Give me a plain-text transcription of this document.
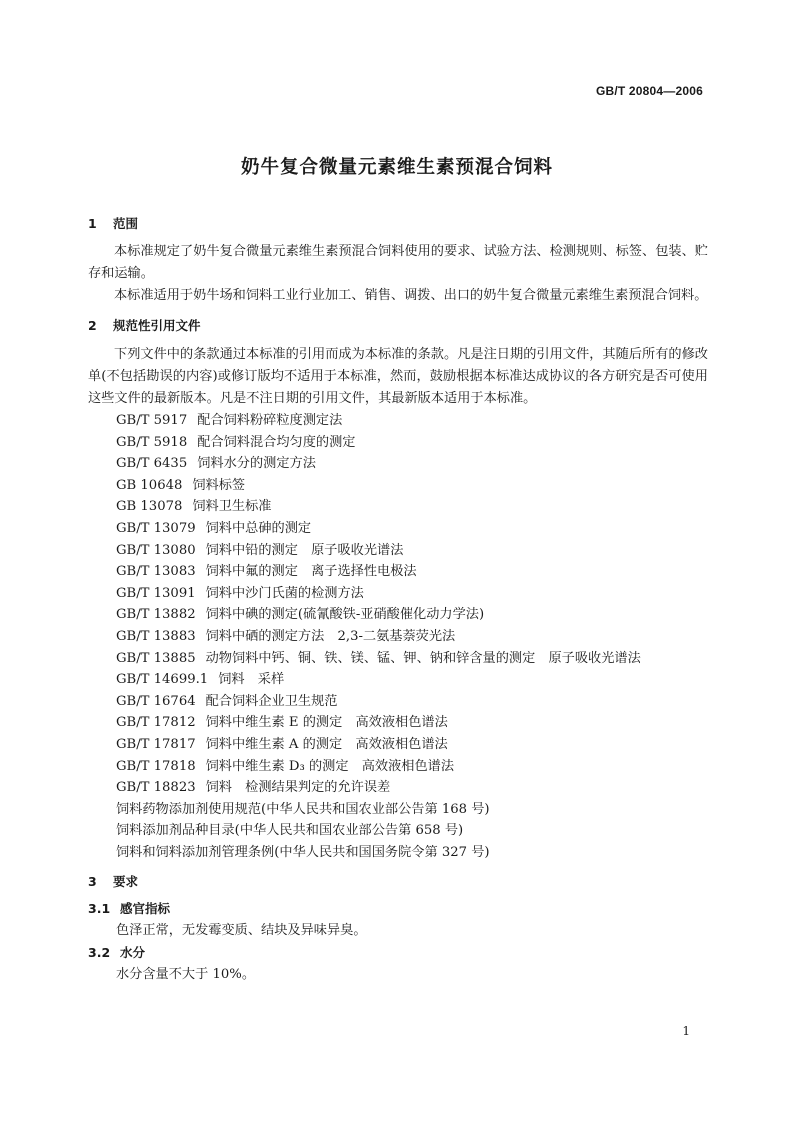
GB/T 20804—2006
奶牛复合微量元素维生素预混合饲料
1 范围

本标准规定了奶牛复合微量元素维生素预混合饲料使用的要求、试验方法、检测规则、标签、包装、贮存和运输。

本标准适用于奶牛场和饲料工业行业加工、销售、调拨、出口的奶牛复合微量元素维生素预混合饲料。

2 规范性引用文件

下列文件中的条款通过本标准的引用而成为本标准的条款。凡是注日期的引用文件，其随后所有的修改单(不包括勘误的内容)或修订版均不适用于本标准，然而，鼓励根据本标准达成协议的各方研究是否可使用这些文件的最新版本。凡是不注日期的引用文件，其最新版本适用于本标准。

GB/T 5917 配合饲料粉碎粒度测定法
GB/T 5918 配合饲料混合均匀度的测定
GB/T 6435 饲料水分的测定方法
GB 10648 饲料标签
GB 13078 饲料卫生标准
GB/T 13079 饲料中总砷的测定
GB/T 13080 饲料中铅的测定　原子吸收光谱法
GB/T 13083 饲料中氟的测定　离子选择性电极法
GB/T 13091 饲料中沙门氏菌的检测方法
GB/T 13882 饲料中碘的测定(硫氰酸铁-亚硝酸催化动力学法)
GB/T 13883 饲料中硒的测定方法　2,3-二氨基萘荧光法
GB/T 13885 动物饲料中钙、铜、铁、镁、锰、钾、钠和锌含量的测定　原子吸收光谱法
GB/T 14699.1 饲料　采样
GB/T 16764 配合饲料企业卫生规范
GB/T 17812 饲料中维生素 E 的测定　高效液相色谱法
GB/T 17817 饲料中维生素 A 的测定　高效液相色谱法
GB/T 17818 饲料中维生素 D₃ 的测定　高效液相色谱法
GB/T 18823 饲料　检测结果判定的允许误差
饲料药物添加剂使用规范(中华人民共和国农业部公告第 168 号)
饲料添加剂品种目录(中华人民共和国农业部公告第 658 号)
饲料和饲料添加剂管理条例(中华人民共和国国务院令第 327 号)
3 要求
3.1 感官指标

色泽正常，无发霉变质、结块及异味异臭。

3.2 水分

水分含量不大于 10%。

1
